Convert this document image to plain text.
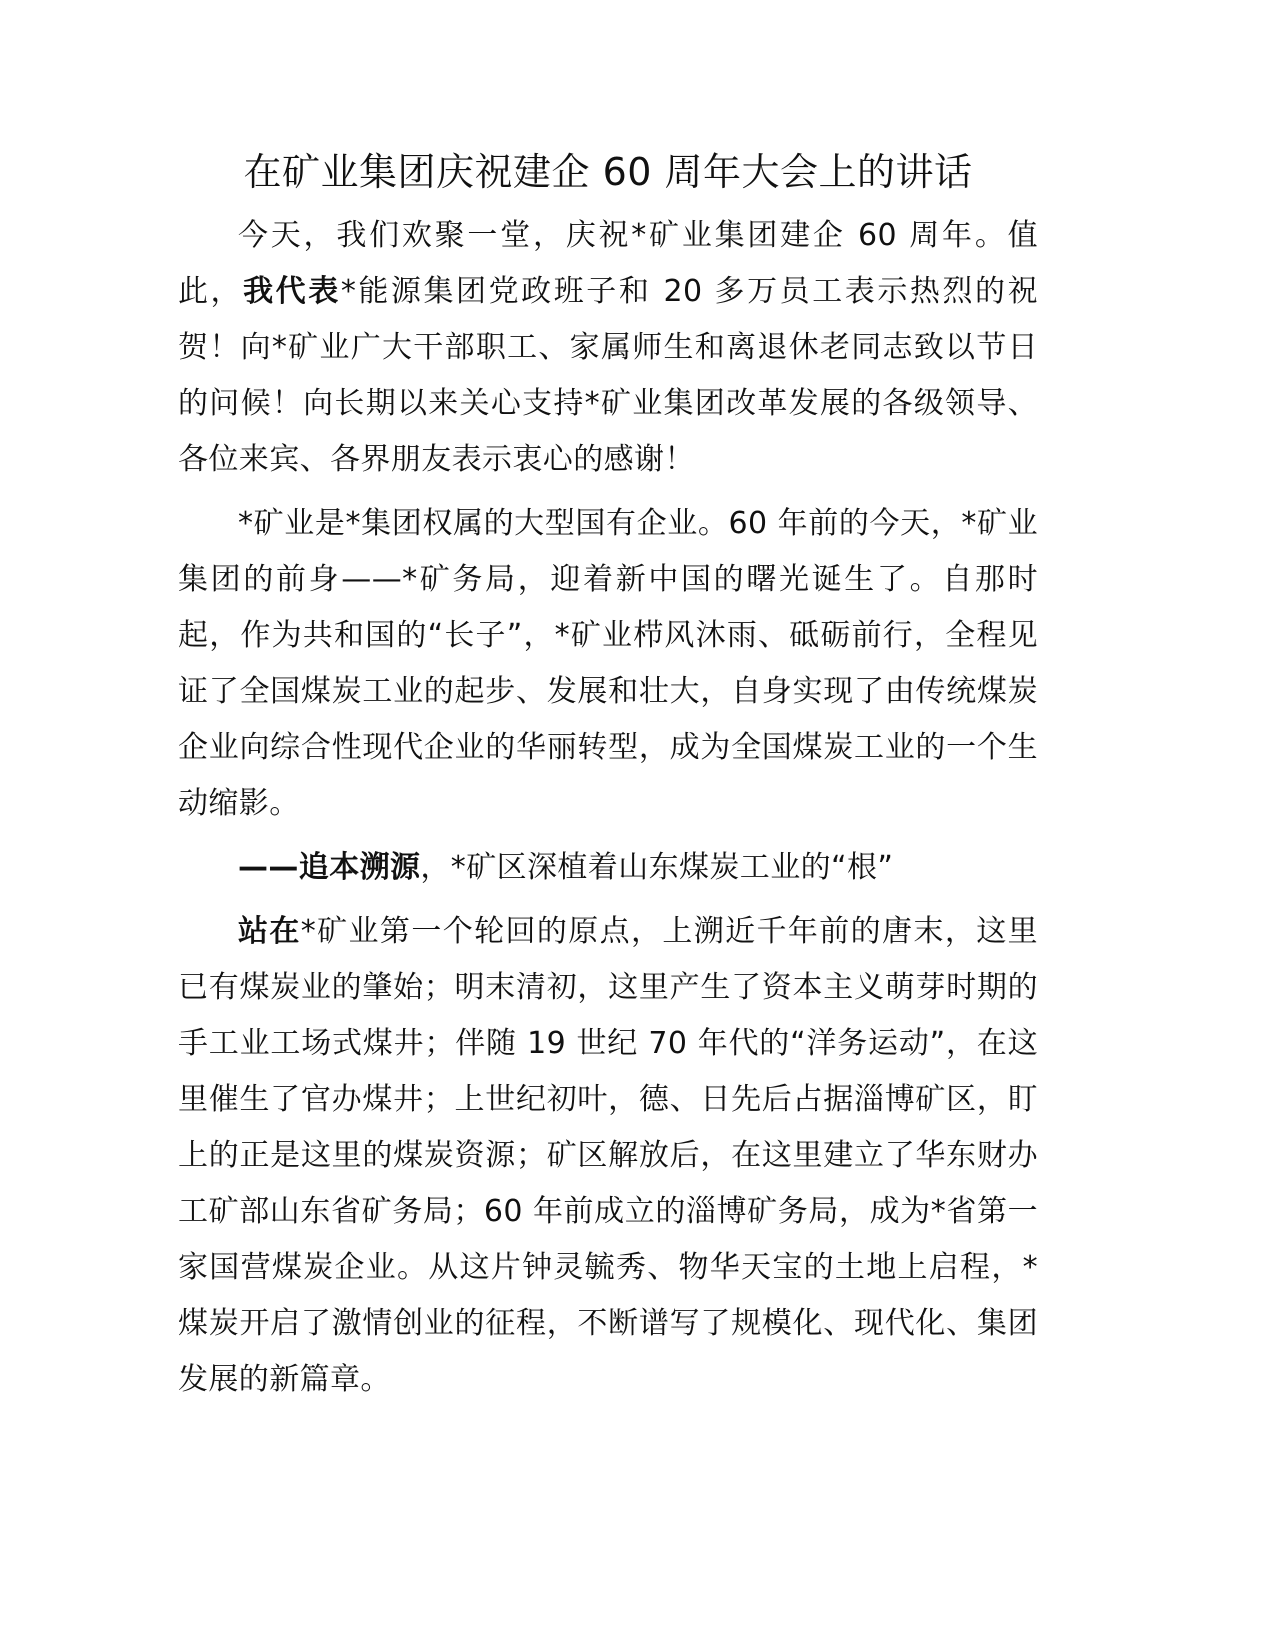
在矿业集团庆祝建企 60 周年大会上的讲话

今天，我们欢聚一堂，庆祝*矿业集团建企 60 周年。值此，我代表*能源集团党政班子和 20 多万员工表示热烈的祝贺！向*矿业广大干部职工、家属师生和离退休老同志致以节日的问候！向长期以来关心支持*矿业集团改革发展的各级领导、各位来宾、各界朋友表示衷心的感谢！

*矿业是*集团权属的大型国有企业。60 年前的今天，*矿业集团的前身——*矿务局，迎着新中国的曙光诞生了。自那时起，作为共和国的“长子”，*矿业栉风沐雨、砥砺前行，全程见证了全国煤炭工业的起步、发展和壮大，自身实现了由传统煤炭企业向综合性现代企业的华丽转型，成为全国煤炭工业的一个生动缩影。

——追本溯源，*矿区深植着山东煤炭工业的“根”

站在*矿业第一个轮回的原点，上溯近千年前的唐末，这里已有煤炭业的肇始；明末清初，这里产生了资本主义萌芽时期的手工业工场式煤井；伴随 19 世纪 70 年代的“洋务运动”，在这里催生了官办煤井；上世纪初叶，德、日先后占据淄博矿区，盯上的正是这里的煤炭资源；矿区解放后，在这里建立了华东财办工矿部山东省矿务局；60 年前成立的淄博矿务局，成为*省第一家国营煤炭企业。从这片钟灵毓秀、物华天宝的土地上启程，*煤炭开启了激情创业的征程，不断谱写了规模化、现代化、集团发展的新篇章。
